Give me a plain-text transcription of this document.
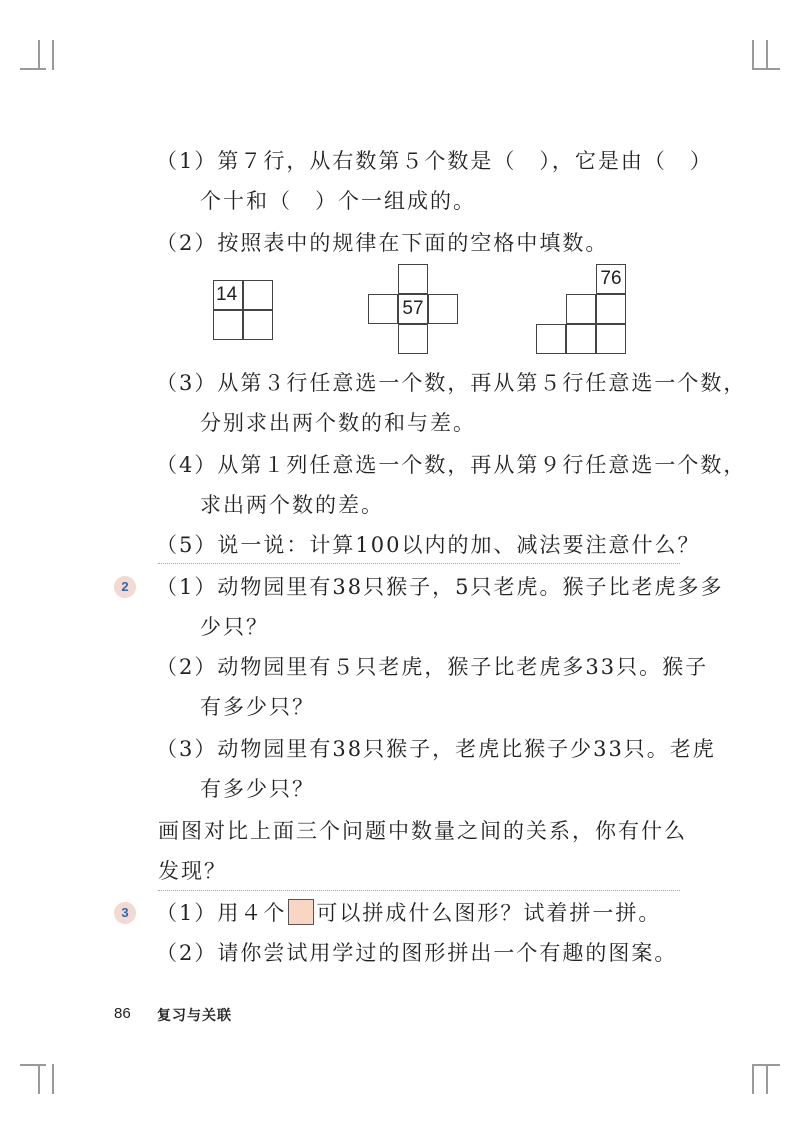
（1）第７行，从右数第５个数是（　），它是由（　）
个十和（　）个一组成的。
（2）按照表中的规律在下面的空格中填数。
14
57
76
（3）从第３行任意选一个数，再从第５行任意选一个数，
分别求出两个数的和与差。
（4）从第１列任意选一个数，再从第９行任意选一个数，
求出两个数的差。
（5）说一说：计算100以内的加、减法要注意什么？
2	（1）动物园里有38只猴子，5只老虎。猴子比老虎多多
少只？
（2）动物园里有５只老虎，猴子比老虎多33只。猴子
有多少只？
（3）动物园里有38只猴子，老虎比猴子少33只。老虎
有多少只？
画图对比上面三个问题中数量之间的关系，你有什么
发现？
3	（1）用４个 可以拼成什么图形？试着拼一拼。
（2）请你尝试用学过的图形拼出一个有趣的图案。
86 复习与关联
